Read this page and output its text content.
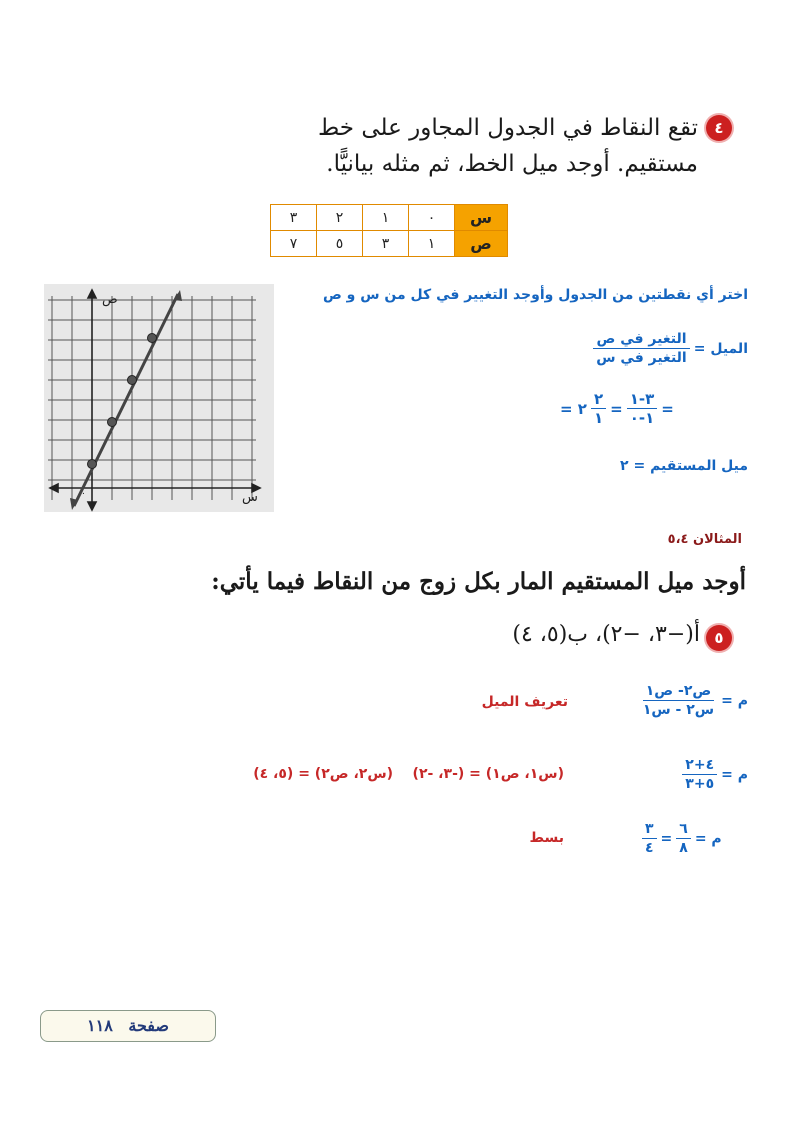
٤
تقع النقاط في الجدول المجاور على خط
مستقيم. أوجد ميل الخط، ثم مثله بيانيًّا.
س	٠	١	٢	٣
ص	١	٣	٥	٧
ص
س
٠
اختر أي نقطتين من الجدول وأوجد التغيير في كل من س و ص
الميل =
$\frac{\text{التغير في ص}}{\text{التغير في س}}$
= ٢ $\frac{٢}{١} = \frac{٣-١}{١-٠}$ =
ميل المستقيم = ٢
المثالان ٥،٤
أوجد ميل المستقيم المار بكل زوج من النقاط فيما يأتي:
٥
أ(−٣، −٢)، ب(٥، ٤)
م =
$\frac{\text{ص٢- ص١}}{\text{س٢ - س١}}$
تعريف الميل
م =
$\frac{٤+٢}{٥+٣}$
(س١، ص١) = (-٣، -٢)    (س٢، ص٢) = (٥، ٤)
$\frac{٣}{٤} = \frac{٦}{٨}$ م =
بسط
صفحة ١١٨
